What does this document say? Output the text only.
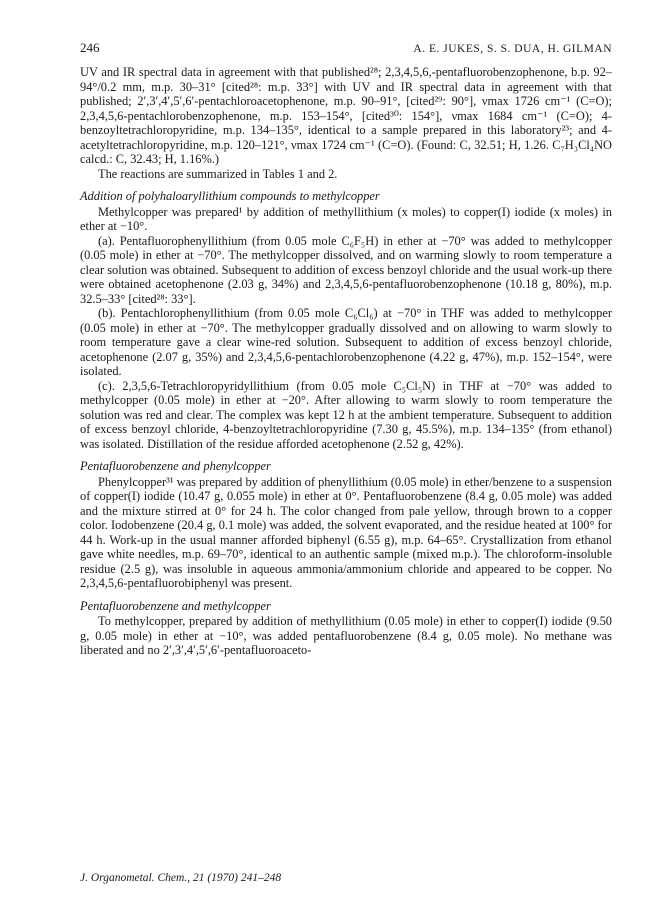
246	A. E. JUKES, S. S. DUA, H. GILMAN

UV and IR spectral data in agreement with that published²⁸; 2,3,4,5,6,-pentafluorobenzophenone, b.p. 92–94°/0.2 mm, m.p. 30–31° [cited²⁸: m.p. 33°] with UV and IR spectral data in agreement with that published; 2′,3′,4′,5′,6′-pentachloroacetophenone, m.p. 90–91°, [cited²⁹: 90°], νmax 1726 cm⁻¹ (C=O); 2,3,4,5,6-pentachlorobenzophenone, m.p. 153–154°, [cited³⁰: 154°], νmax 1684 cm⁻¹ (C=O); 4-benzoyltetrachloropyridine, m.p. 134–135°, identical to a sample prepared in this laboratory²³; and 4-acetyltetrachloropyridine, m.p. 120–121°, νmax 1724 cm⁻¹ (C=O). (Found: C, 32.51; H, 1.26. C₇H₃Cl₄NO calcd.: C, 32.43; H, 1.16%.)

The reactions are summarized in Tables 1 and 2.

Addition of polyhaloaryllithium compounds to methylcopper

Methylcopper was prepared¹ by addition of methyllithium (x moles) to copper(I) iodide (x moles) in ether at −10°.

(a). Pentafluorophenyllithium (from 0.05 mole C₆F₅H) in ether at −70° was added to methylcopper (0.05 mole) in ether at −70°. The methylcopper dissolved, and on warming slowly to room temperature a clear solution was obtained. Subsequent to addition of excess benzoyl chloride and the usual work-up there were obtained acetophenone (2.03 g, 34%) and 2,3,4,5,6-pentafluorobenzophenone (10.18 g, 80%), m.p. 32.5–33° [cited²⁸: 33°].

(b). Pentachlorophenyllithium (from 0.05 mole C₆Cl₆) at −70° in THF was added to methylcopper (0.05 mole) in ether at −70°. The methylcopper gradually dissolved and on allowing to warm slowly to room temperature gave a clear wine-red solution. Subsequent to addition of excess benzoyl chloride, acetophenone (2.07 g, 35%) and 2,3,4,5,6-pentachlorobenzophenone (4.22 g, 47%), m.p. 152–154°, were isolated.

(c). 2,3,5,6-Tetrachloropyridyllithium (from 0.05 mole C₅Cl₅N) in THF at −70° was added to methylcopper (0.05 mole) in ether at −20°. After allowing to warm slowly to room temperature the solution was red and clear. The complex was kept 12 h at the ambient temperature. Subsequent to addition of excess benzoyl chloride, 4-benzoyltetrachloropyridine (7.30 g, 45.5%), m.p. 134–135° (from ethanol) was isolated. Distillation of the residue afforded acetophenone (2.52 g, 42%).

Pentafluorobenzene and phenylcopper

Phenylcopper³¹ was prepared by addition of phenyllithium (0.05 mole) in ether/benzene to a suspension of copper(I) iodide (10.47 g, 0.055 mole) in ether at 0°. Pentafluorobenzene (8.4 g, 0.05 mole) was added and the mixture stirred at 0° for 24 h. The color changed from pale yellow, through brown to a copper color. Iodobenzene (20.4 g, 0.1 mole) was added, the solvent evaporated, and the residue heated at 100° for 44 h. Work-up in the usual manner afforded biphenyl (6.55 g), m.p. 64–65°. Crystallization from ethanol gave white needles, m.p. 69–70°, identical to an authentic sample (mixed m.p.). The chloroform-insoluble residue (2.5 g), was insoluble in aqueous ammonia/ammonium chloride and appeared to be copper. No 2,3,4,5,6-pentafluorobiphenyl was present.

Pentafluorobenzene and methylcopper

To methylcopper, prepared by addition of methyllithium (0.05 mole) in ether to copper(I) iodide (9.50 g, 0.05 mole) in ether at −10°, was added pentafluorobenzene (8.4 g, 0.05 mole). No methane was liberated and no 2′,3′,4′,5′,6′-pentafluoroaceto-

J. Organometal. Chem., 21 (1970) 241–248
